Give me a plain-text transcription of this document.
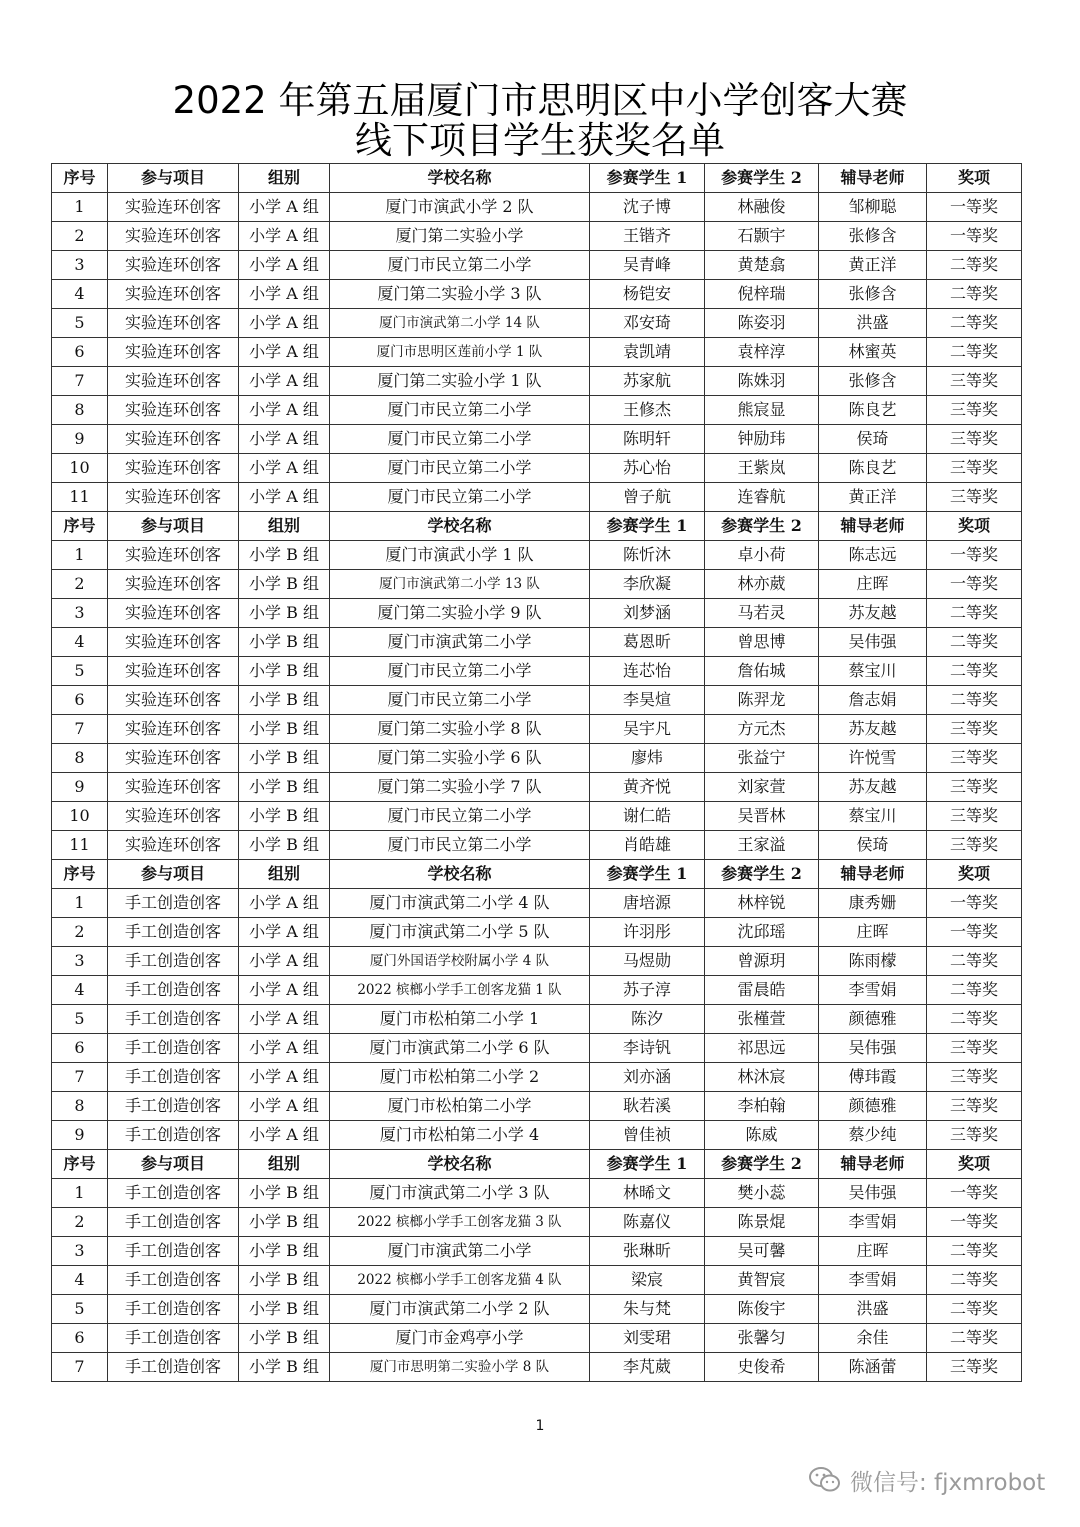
2022 年第五届厦门市思明区中小学创客大赛
线下项目学生获奖名单
序号	参与项目	组别	学校名称	参赛学生 1	参赛学生 2	辅导老师	奖项
1	实验连环创客	小学 A 组	厦门市演武小学 2 队	沈子博	林融俊	邹柳聪	一等奖
2	实验连环创客	小学 A 组	厦门第二实验小学	王锴齐	石颢宇	张修含	一等奖
3	实验连环创客	小学 A 组	厦门市民立第二小学	吴青峰	黄楚翕	黄正洋	二等奖
4	实验连环创客	小学 A 组	厦门第二实验小学 3 队	杨铠安	倪梓瑞	张修含	二等奖
5	实验连环创客	小学 A 组	厦门市演武第二小学 14 队	邓安琦	陈姿羽	洪盛	二等奖
6	实验连环创客	小学 A 组	厦门市思明区莲前小学 1 队	袁凯靖	袁梓淳	林蜜英	二等奖
7	实验连环创客	小学 A 组	厦门第二实验小学 1 队	苏家航	陈姝羽	张修含	三等奖
8	实验连环创客	小学 A 组	厦门市民立第二小学	王修杰	熊宸显	陈良艺	三等奖
9	实验连环创客	小学 A 组	厦门市民立第二小学	陈明轩	钟励玮	侯琦	三等奖
10	实验连环创客	小学 A 组	厦门市民立第二小学	苏心怡	王紫岚	陈良艺	三等奖
11	实验连环创客	小学 A 组	厦门市民立第二小学	曾子航	连睿航	黄正洋	三等奖
序号	参与项目	组别	学校名称	参赛学生 1	参赛学生 2	辅导老师	奖项
1	实验连环创客	小学 B 组	厦门市演武小学 1 队	陈忻沐	卓小荷	陈志远	一等奖
2	实验连环创客	小学 B 组	厦门市演武第二小学 13 队	李欣凝	林亦葳	庄晖	一等奖
3	实验连环创客	小学 B 组	厦门第二实验小学 9 队	刘梦涵	马若灵	苏友越	二等奖
4	实验连环创客	小学 B 组	厦门市演武第二小学	葛恩昕	曾思博	吴伟强	二等奖
5	实验连环创客	小学 B 组	厦门市民立第二小学	连芯怡	詹佑城	蔡宝川	二等奖
6	实验连环创客	小学 B 组	厦门市民立第二小学	李昊煊	陈羿龙	詹志娟	二等奖
7	实验连环创客	小学 B 组	厦门第二实验小学 8 队	吴宇凡	方元杰	苏友越	三等奖
8	实验连环创客	小学 B 组	厦门第二实验小学 6 队	廖炜	张益宁	许悦雪	三等奖
9	实验连环创客	小学 B 组	厦门第二实验小学 7 队	黄齐悦	刘家萱	苏友越	三等奖
10	实验连环创客	小学 B 组	厦门市民立第二小学	谢仁皓	吴晋林	蔡宝川	三等奖
11	实验连环创客	小学 B 组	厦门市民立第二小学	肖皓雄	王家溢	侯琦	三等奖
序号	参与项目	组别	学校名称	参赛学生 1	参赛学生 2	辅导老师	奖项
1	手工创造创客	小学 A 组	厦门市演武第二小学 4 队	唐培源	林梓锐	康秀姗	一等奖
2	手工创造创客	小学 A 组	厦门市演武第二小学 5 队	许羽彤	沈邱瑶	庄晖	一等奖
3	手工创造创客	小学 A 组	厦门外国语学校附属小学 4 队	马煜勋	曾源玥	陈雨檬	二等奖
4	手工创造创客	小学 A 组	2022 槟榔小学手工创客龙猫 1 队	苏子淳	雷晨皓	李雪娟	二等奖
5	手工创造创客	小学 A 组	厦门市松柏第二小学 1	陈汐	张槿萱	颜德雅	二等奖
6	手工创造创客	小学 A 组	厦门市演武第二小学 6 队	李诗钒	祁思远	吴伟强	三等奖
7	手工创造创客	小学 A 组	厦门市松柏第二小学 2	刘亦涵	林沐宸	傅玮霞	三等奖
8	手工创造创客	小学 A 组	厦门市松柏第二小学	耿若溪	李柏翰	颜德雅	三等奖
9	手工创造创客	小学 A 组	厦门市松柏第二小学 4	曾佳祯	陈威	蔡少纯	三等奖
序号	参与项目	组别	学校名称	参赛学生 1	参赛学生 2	辅导老师	奖项
1	手工创造创客	小学 B 组	厦门市演武第二小学 3 队	林晞文	樊小蕊	吴伟强	一等奖
2	手工创造创客	小学 B 组	2022 槟榔小学手工创客龙猫 3 队	陈嘉仪	陈景焜	李雪娟	一等奖
3	手工创造创客	小学 B 组	厦门市演武第二小学	张琳昕	吴可馨	庄晖	二等奖
4	手工创造创客	小学 B 组	2022 槟榔小学手工创客龙猫 4 队	梁宸	黄智宸	李雪娟	二等奖
5	手工创造创客	小学 B 组	厦门市演武第二小学 2 队	朱与梵	陈俊宇	洪盛	二等奖
6	手工创造创客	小学 B 组	厦门市金鸡亭小学	刘雯珺	张馨匀	余佳	二等奖
7	手工创造创客	小学 B 组	厦门市思明第二实验小学 8 队	李芃葳	史俊希	陈涵蕾	三等奖
1
微信号: fjxmrobot
